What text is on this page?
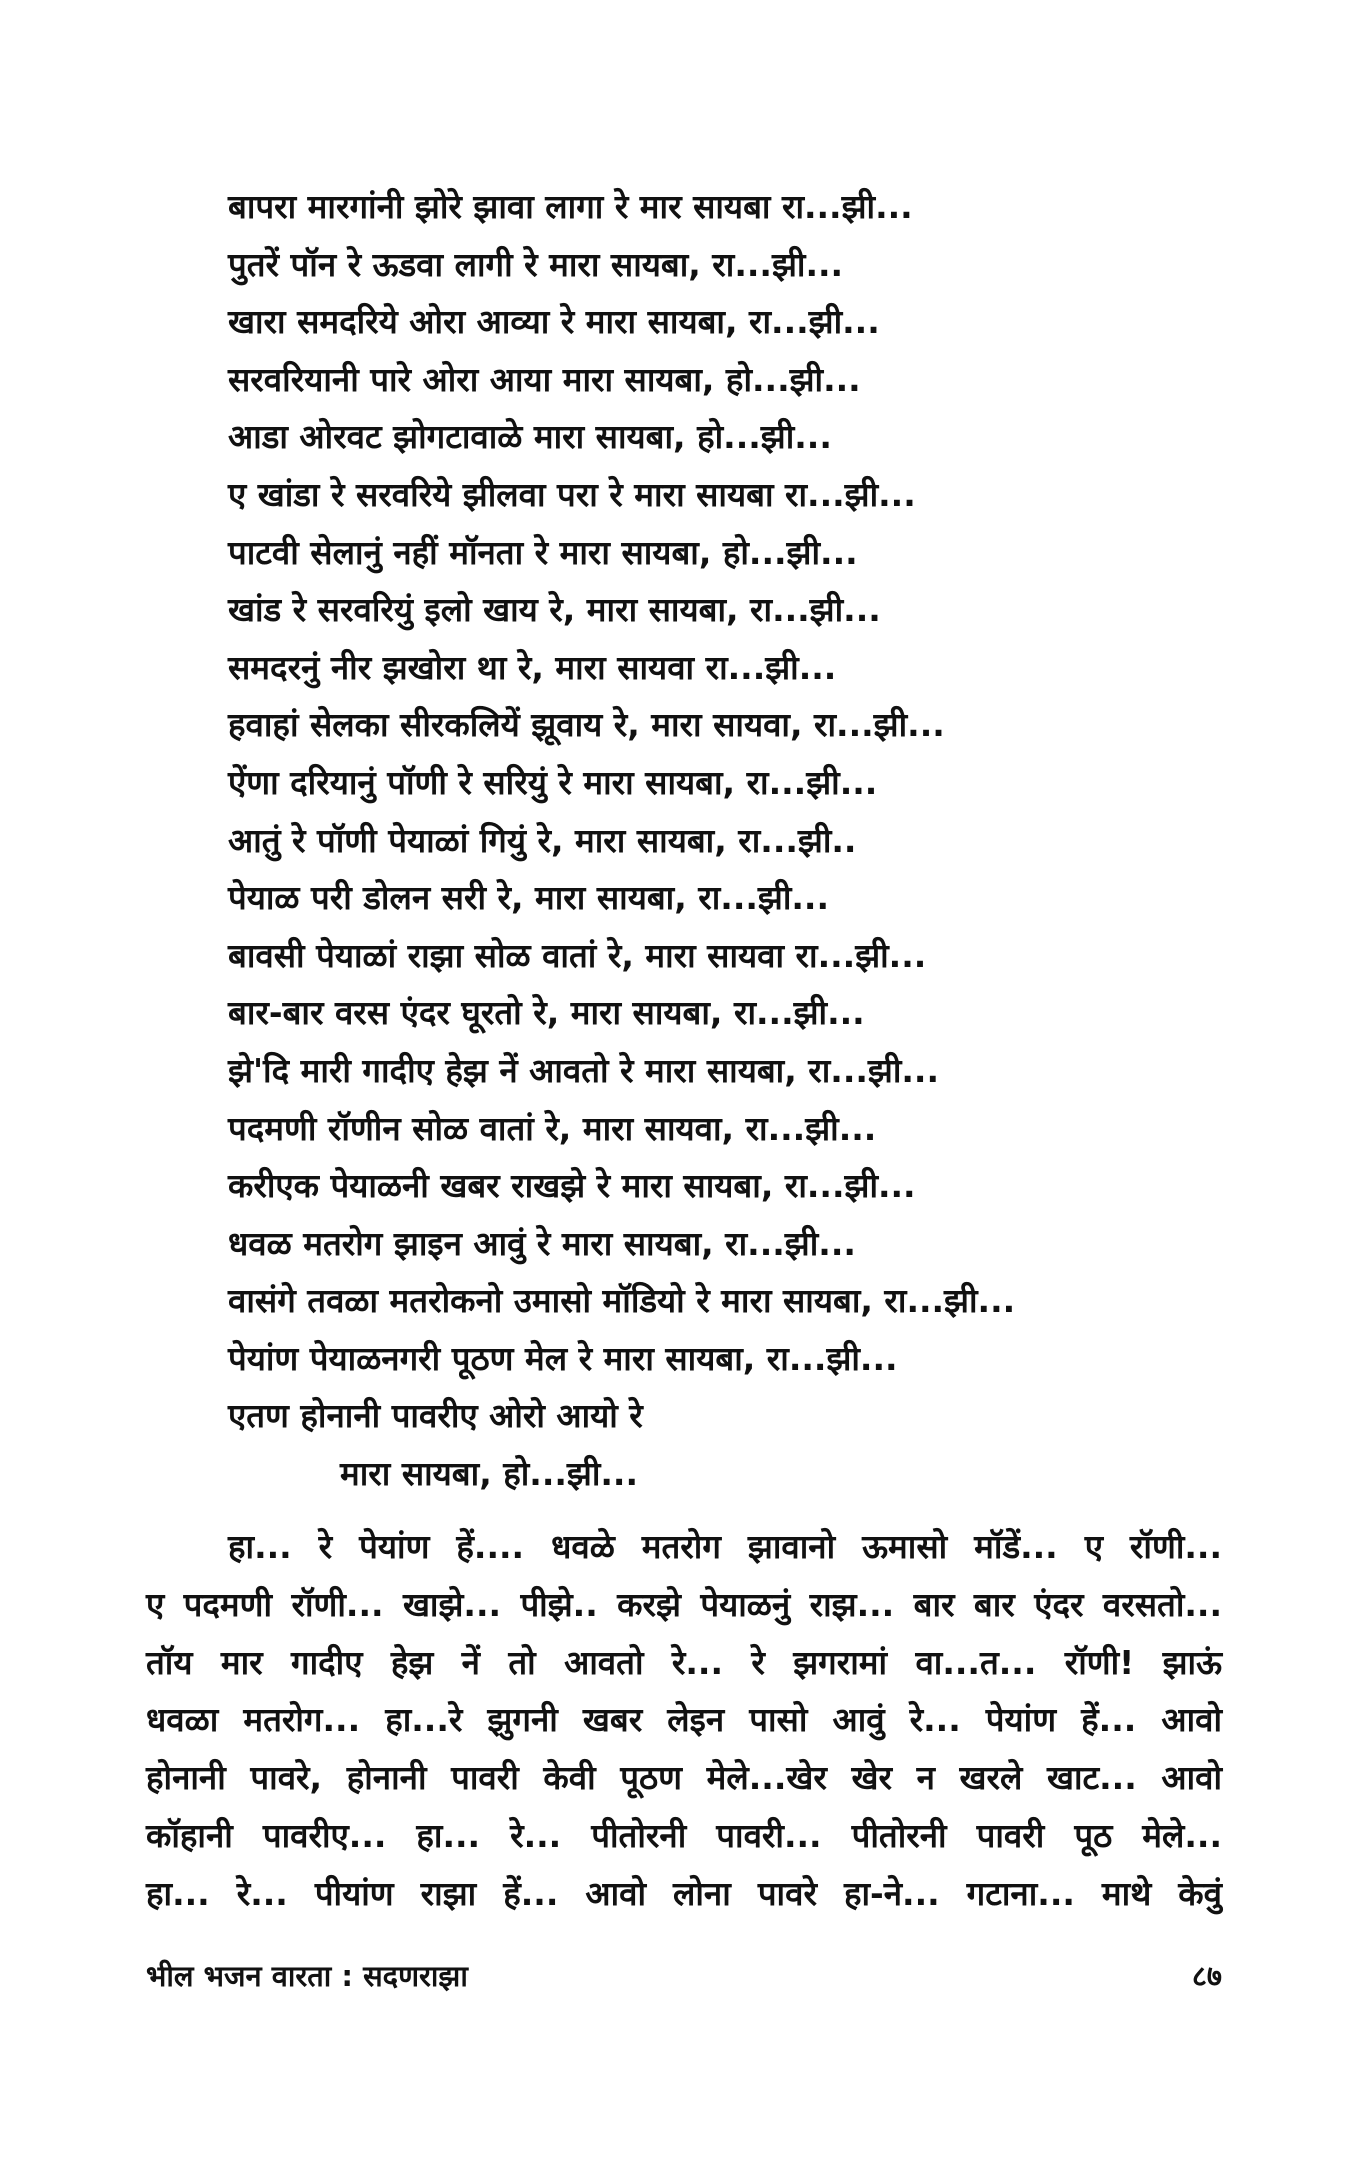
बापरा मारगांनी झोरे झावा लागा रे मार सायबा रा...झी...
पुतरें पॉन रे ऊडवा लागी रे मारा सायबा, रा...झी...
खारा समदरिये ओरा आव्या रे मारा सायबा, रा...झी...
सरवरियानी पारे ओरा आया मारा सायबा, हो...झी...
आडा ओरवट झोगटावाळे मारा सायबा, हो...झी...
ए खांडा रे सरवरिये झीलवा परा रे मारा सायबा रा...झी...
पाटवी सेलानुं नहीं मॉनता रे मारा सायबा, हो...झी...
खांड रे सरवरियुं इलो खाय रे, मारा सायबा, रा...झी...
समदरनुं नीर झखोरा था रे, मारा सायवा रा...झी...
हवाहां सेलका सीरकलियें झूवाय रे, मारा सायवा, रा...झी...
ऐंणा दरियानुं पॉणी रे सरियुं रे मारा सायबा, रा...झी...
आतुं रे पॉणी पेयाळां गियुं रे, मारा सायबा, रा...झी..
पेयाळ परी डोलन सरी रे, मारा सायबा, रा...झी...
बावसी पेयाळां राझा सोळ वातां रे, मारा सायवा रा...झी...
बार-बार वरस एंदर घूरतो रे, मारा सायबा, रा...झी...
झे'दि मारी गादीए हेझ नें आवतो रे मारा सायबा, रा...झी...
पदमणी रॉणीन सोळ वातां रे, मारा सायवा, रा...झी...
करीएक पेयाळनी खबर राखझे रे मारा सायबा, रा...झी...
धवळ मतरोग झाइन आवुं रे मारा सायबा, रा...झी...
वासंगे तवळा मतरोकनो उमासो मॉडियो रे मारा सायबा, रा...झी...
पेयांण पेयाळनगरी पूठण मेल रे मारा सायबा, रा...झी...
एतण होनानी पावरीए ओरो आयो रे
मारा सायबा, हो...झी...
हा... रे पेयांण हें.... धवळे मतरोग झावानो ऊमासो मॉडें... ए रॉणी...
ए पदमणी रॉणी... खाझे... पीझे.. करझे पेयाळनुं राझ... बार बार एंदर वरसतो...
तॉय मार गादीए हेझ नें तो आवतो रे... रे झगरामां वा...त... रॉणी! झाऊं
धवळा मतरोग... हा...रे झुगनी खबर लेइन पासो आवुं रे... पेयांण हें... आवो
होनानी पावरे, होनानी पावरी केवी पूठण मेले...खेर खेर न खरले खाट... आवो
कॉहानी पावरीए... हा... रे... पीतोरनी पावरी... पीतोरनी पावरी पूठ मेले...
हा... रे... पीयांण राझा हें... आवो लोना पावरे हा-ने... गटाना... माथे केवुं
भील भजन वारता : सदणराझा	८७
